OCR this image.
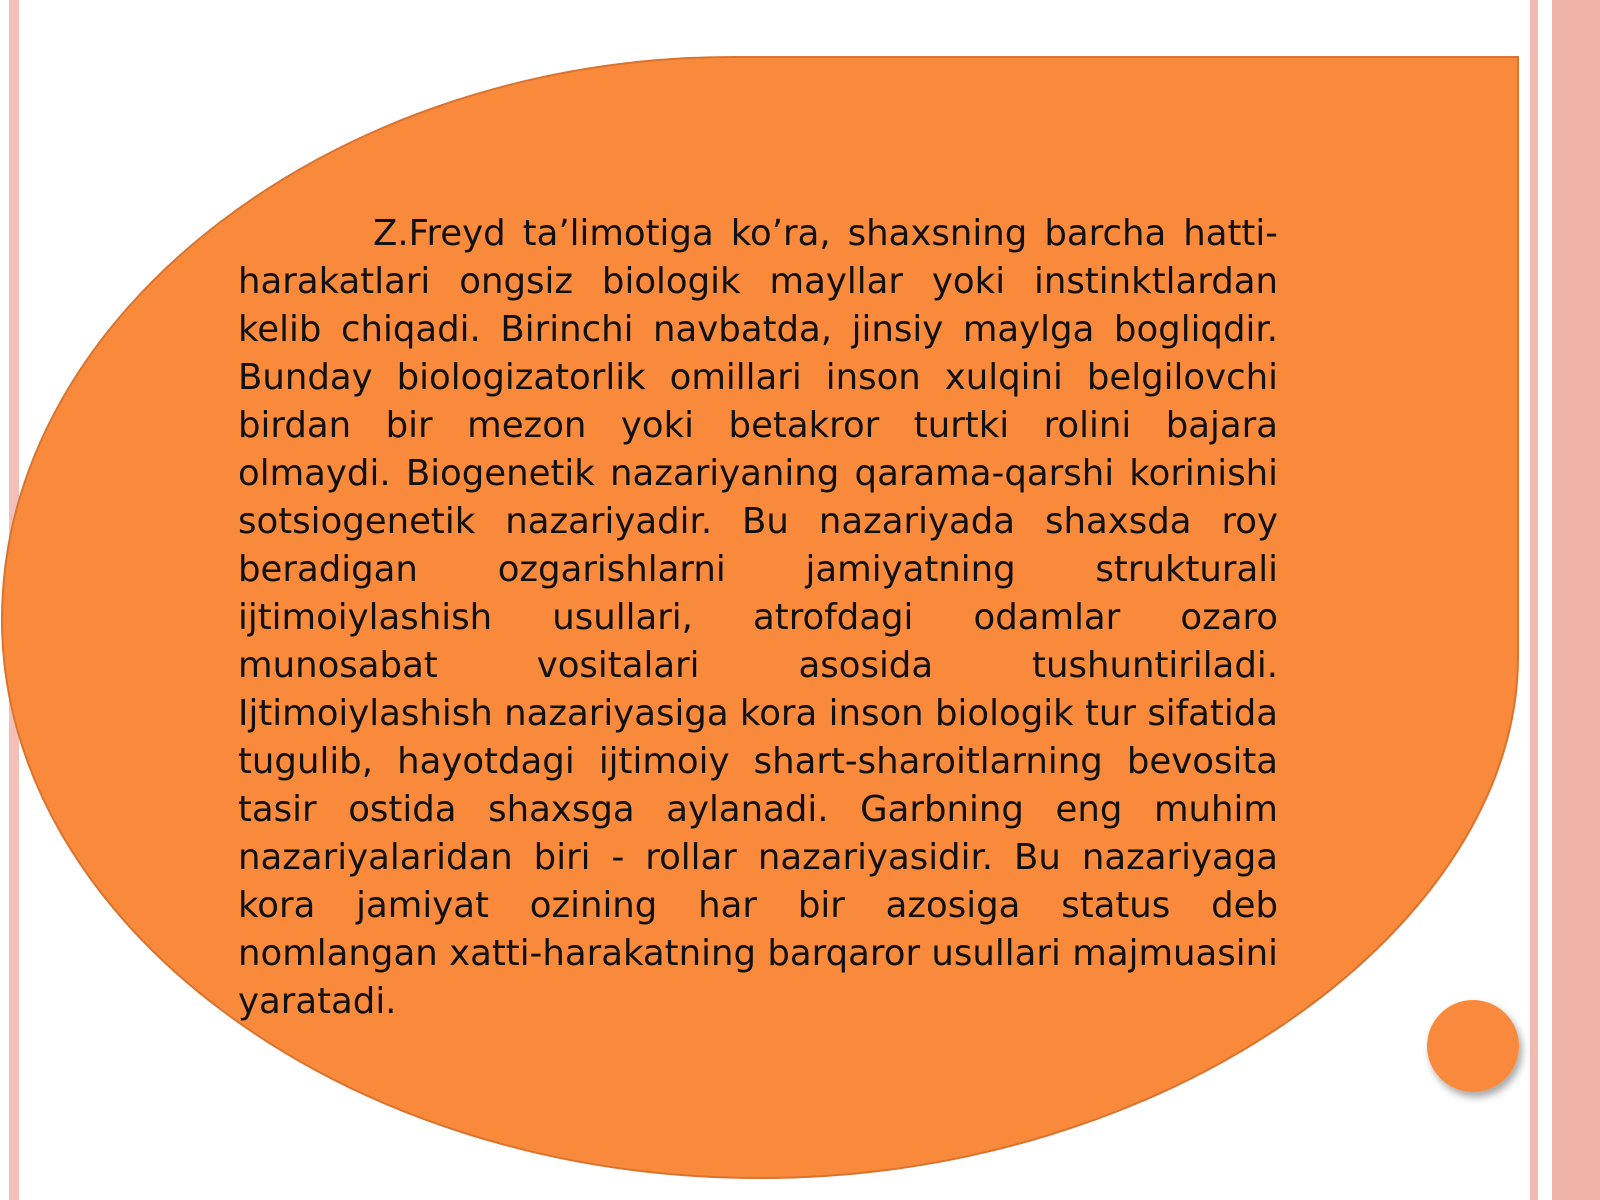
Z.Freyd ta’limotiga ko’ra, shaxsning barcha hatti-harakatlari ongsiz biologik mayllar yoki instinktlardan kelib chiqadi. Birinchi navbatda, jinsiy maylga bogliqdir. Bunday biologizatorlik omillari inson xulqini belgilovchi birdan bir mezon yoki betakror turtki rolini bajara olmaydi. Biogenetik nazariyaning qarama-qarshi korinishi sotsiogenetik nazariyadir. Bu nazariyada shaxsda roy beradigan ozgarishlarni jamiyatning strukturali ijtimoiylashish usullari, atrofdagi odamlar ozaro munosabat vositalari asosida tushuntiriladi. Ijtimoiylashish nazariyasiga kora inson biologik tur sifatida tugulib, hayotdagi ijtimoiy shart-sharoitlarning bevosita tasir ostida shaxsga aylanadi. Garbning eng muhim nazariyalaridan biri - rollar nazariyasidir. Bu nazariyaga kora jamiyat ozining har bir azosiga status deb nomlangan xatti-harakatning barqaror usullari majmuasini yaratadi.
